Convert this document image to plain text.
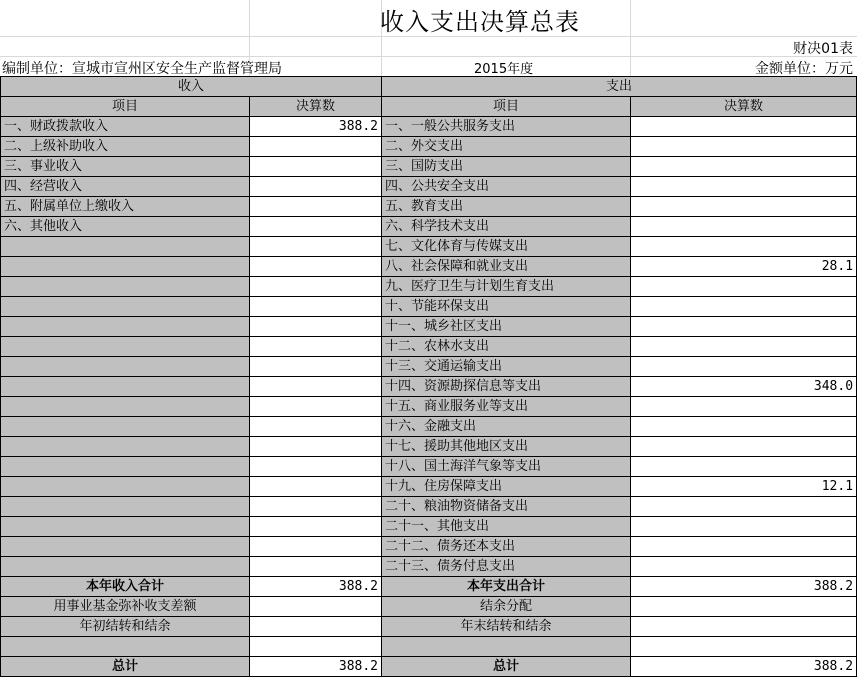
收入支出决算总表
财决01表
编制单位：宣城市宣州区安全生产监督管理局	2015年度	金额单位：万元
收入		支出	
项目	决算数	项目	决算数
一、财政拨款收入	388.2	一、一般公共服务支出	
二、上级补助收入		二、外交支出	
三、事业收入		三、国防支出	
四、经营收入		四、公共安全支出	
五、附属单位上缴收入		五、教育支出	
六、其他收入		六、科学技术支出	
		七、文化体育与传媒支出	
		八、社会保障和就业支出	28.1
		九、医疗卫生与计划生育支出	
		十、节能环保支出	
		十一、城乡社区支出	
		十二、农林水支出	
		十三、交通运输支出	
		十四、资源勘探信息等支出	348.0
		十五、商业服务业等支出	
		十六、金融支出	
		十七、援助其他地区支出	
		十八、国土海洋气象等支出	
		十九、住房保障支出	12.1
		二十、粮油物资储备支出	
		二十一、其他支出	
		二十二、债务还本支出	
		二十三、债务付息支出	
本年收入合计	388.2	本年支出合计	388.2
用事业基金弥补收支差额		结余分配	
年初结转和结余		年末结转和结余	

总计	388.2	总计	388.2
